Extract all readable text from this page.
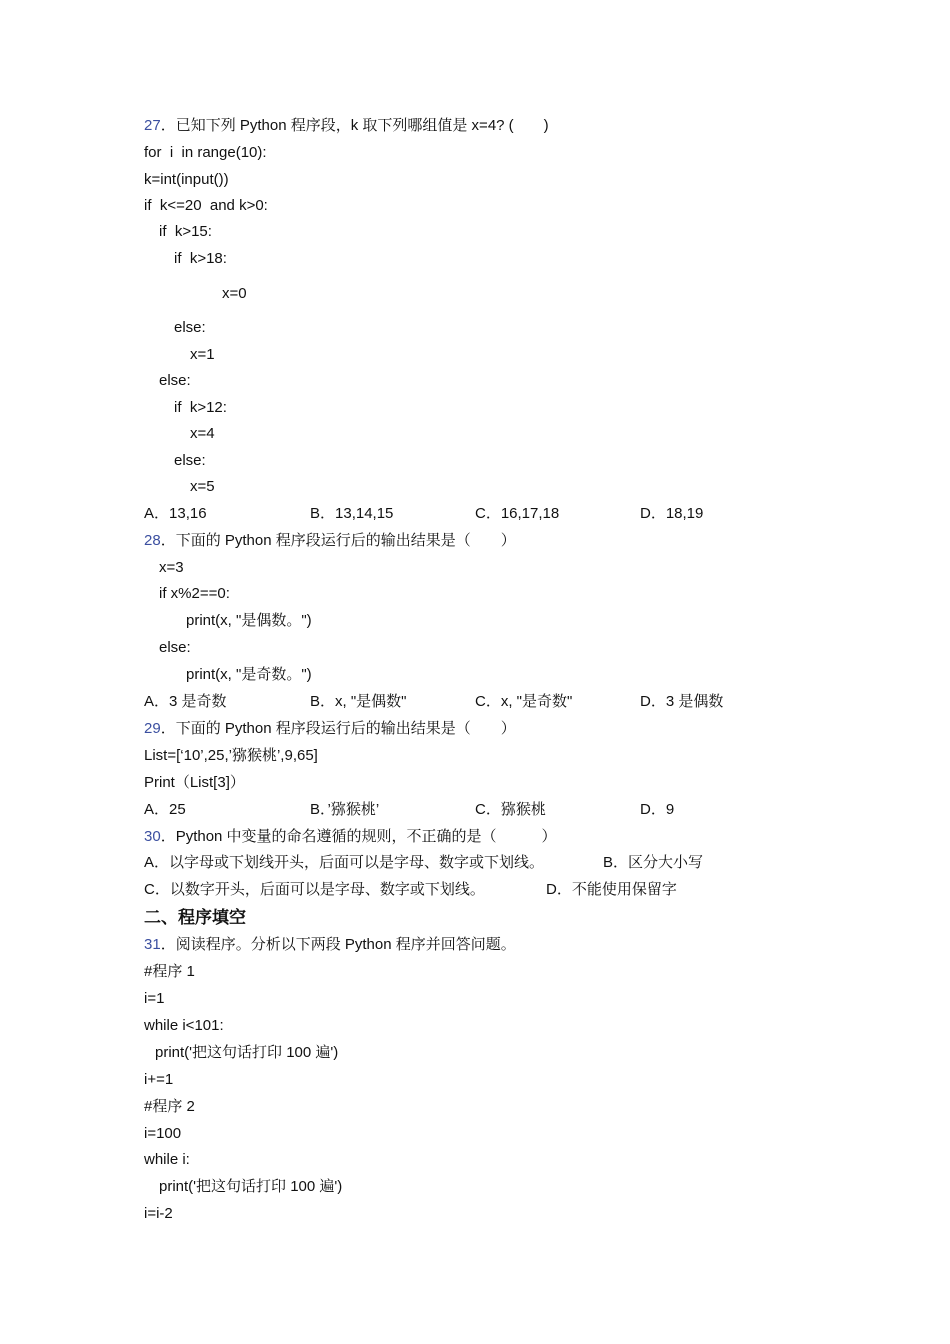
27．已知下列 Python 程序段，k 取下列哪组值是 x=4? (　　)
for  i  in range(10):
k=int(input())
if  k<=20  and k>0:
if  k>15:
if  k>18:
x=0
else:
x=1
else:
if  k>12:
x=4
else:
x=5
A．13,16	B．13,14,15	C．16,17,18	D．18,19
28．下面的 Python 程序段运行后的输出结果是（　　）
x=3
if x%2==0:
print(x, "是偶数。")
else:
print(x, "是奇数。")
A．3 是奇数	B．x, "是偶数"	C．x, "是奇数"	D．3 是偶数
29．下面的 Python 程序段运行后的输出结果是（　　）
List=[‘10’,25,’猕猴桃’,9,65]
Print（List[3]）
A．25	B．’猕猴桃’	C．猕猴桃	D．9
30．Python 中变量的命名遵循的规则，不正确的是（　　　）
A．以字母或下划线开头，后面可以是字母、数字或下划线。	B．区分大小写
C．以数字开头，后面可以是字母、数字或下划线。	D．不能使用保留字
二、程序填空
31．阅读程序。分析以下两段 Python 程序并回答问题。
#程序 1
i=1
while i<101:
print('把这句话打印 100 遍')
i+=1
#程序 2
i=100
while i:
print('把这句话打印 100 遍')
i=i-2
